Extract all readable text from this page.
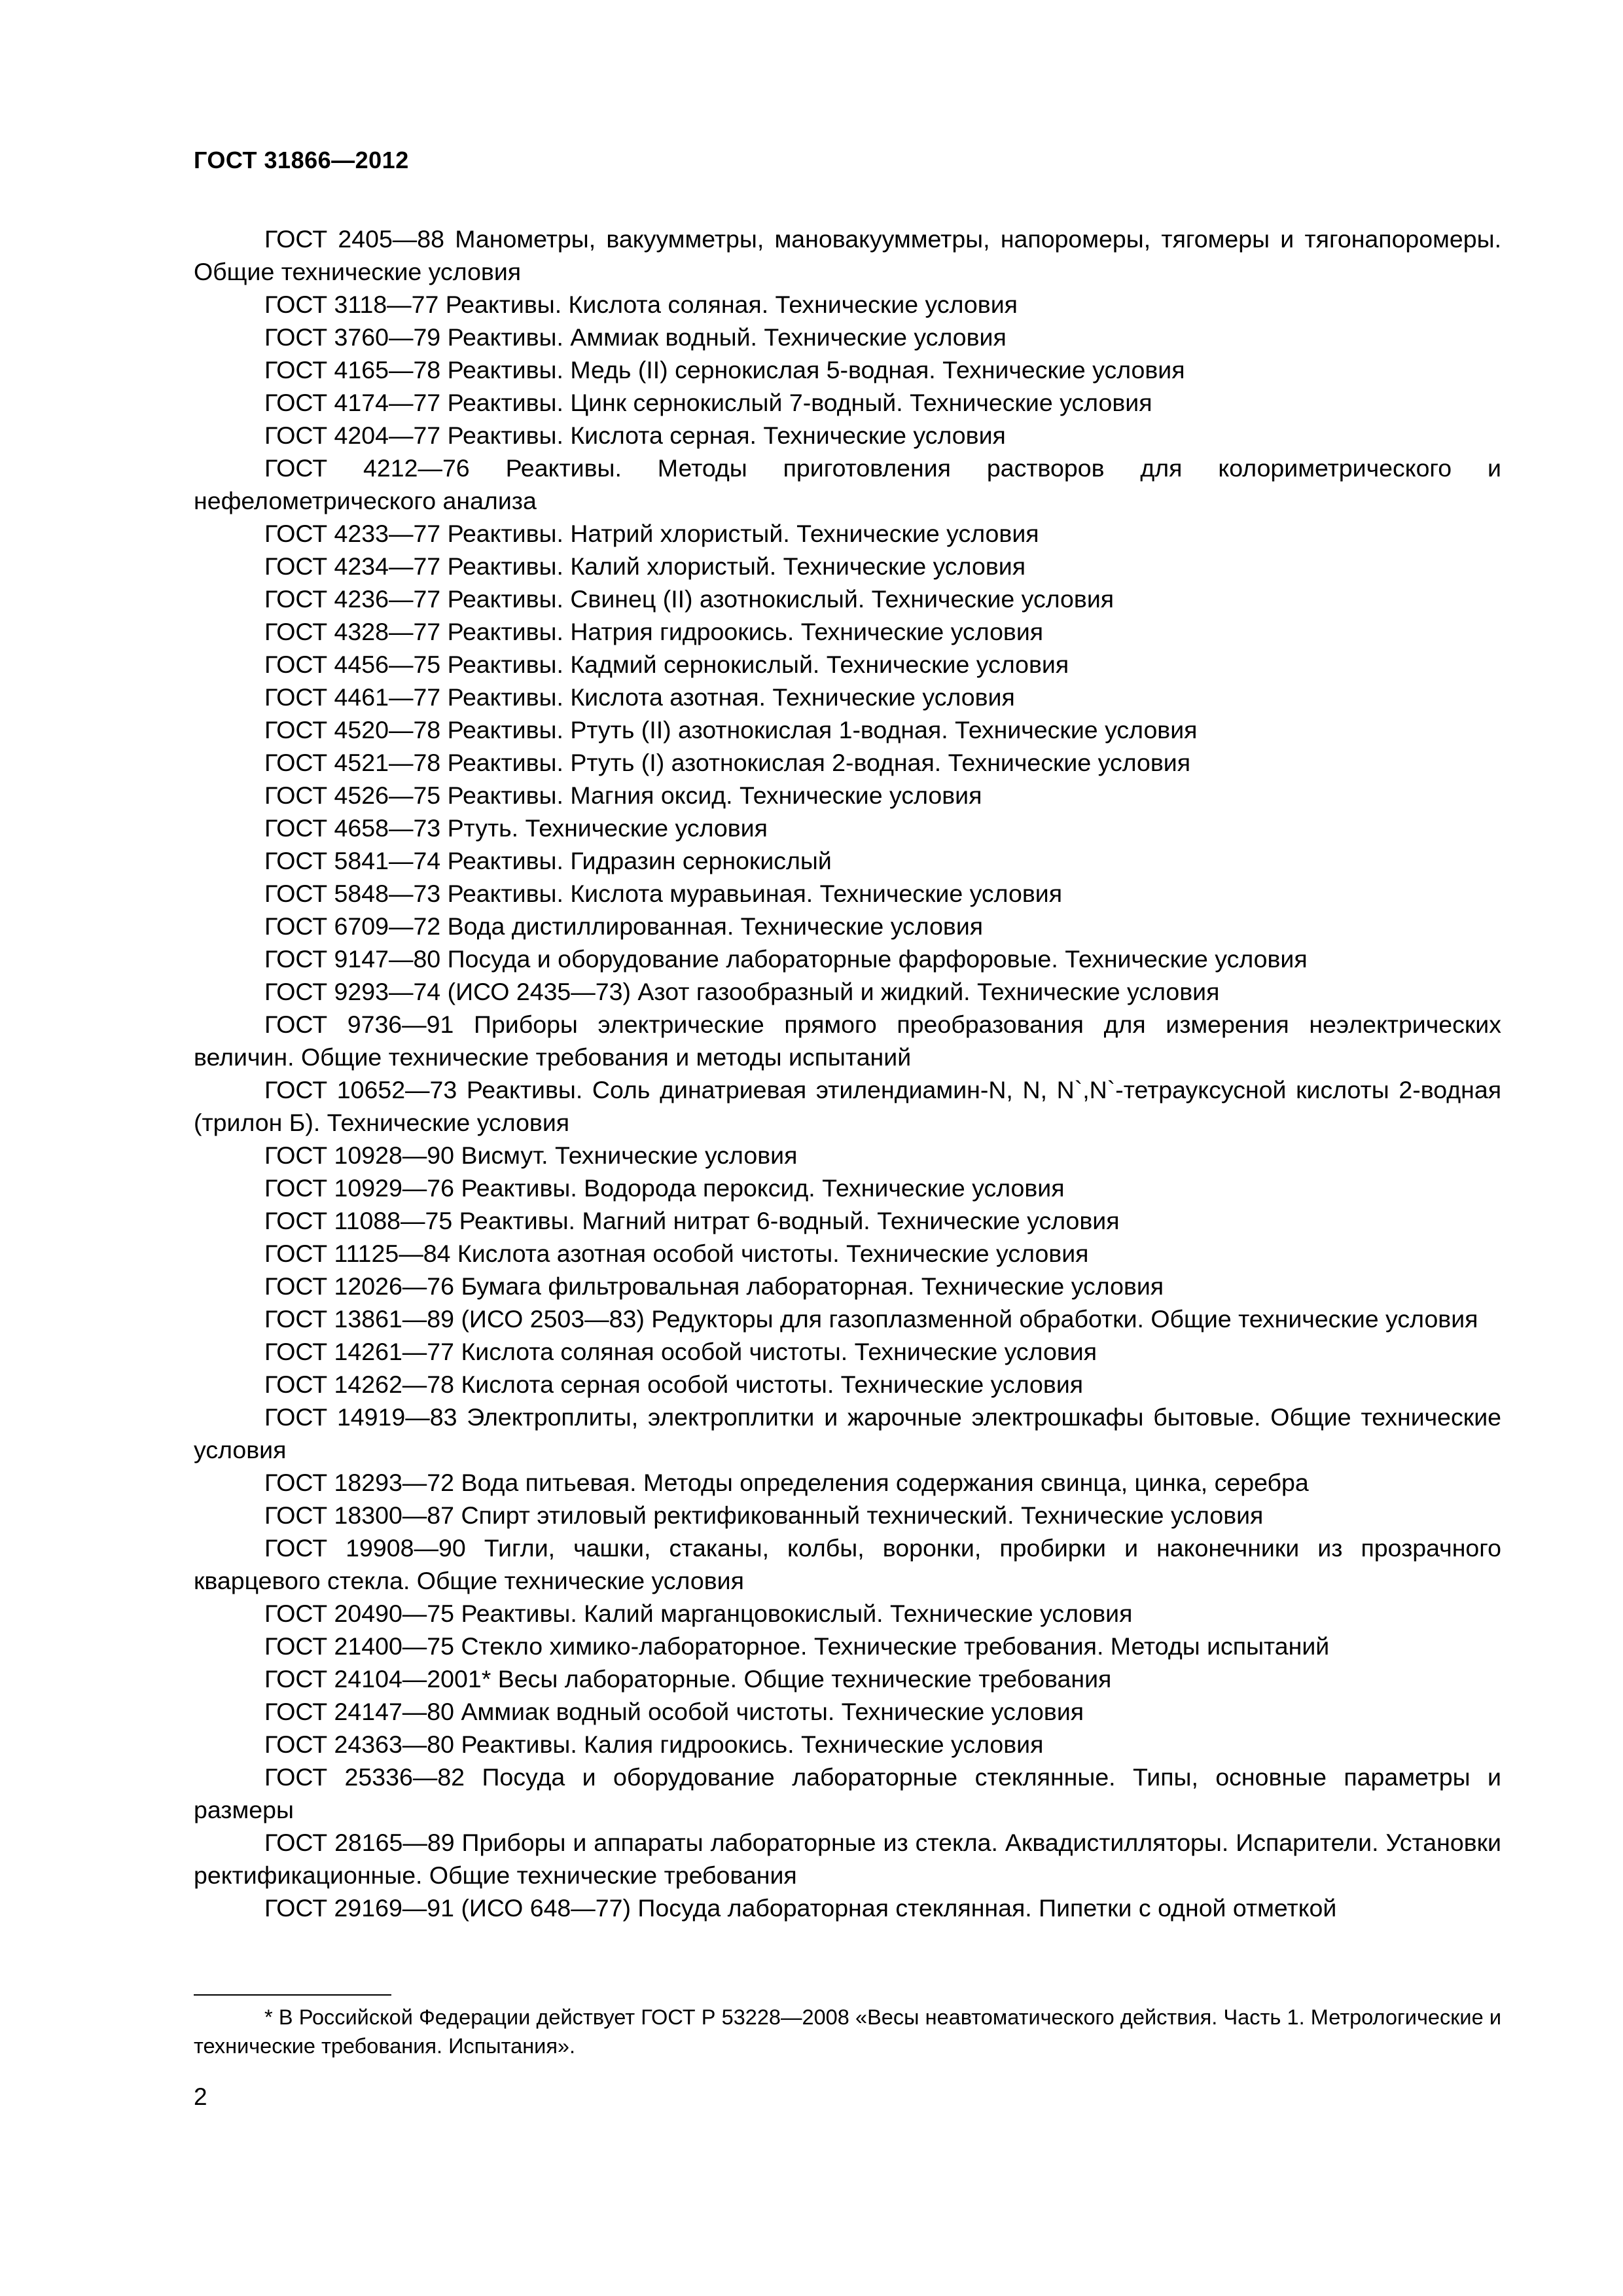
ГОСТ 31866—2012

ГОСТ 2405—88 Манометры, вакуумметры, мановакуумметры, напоромеры, тягомеры и тягонапоромеры. Общие технические условия

ГОСТ 3118—77 Реактивы. Кислота соляная. Технические условия

ГОСТ 3760—79 Реактивы. Аммиак водный. Технические условия

ГОСТ 4165—78 Реактивы. Медь (II) сернокислая 5-водная. Технические условия

ГОСТ 4174—77 Реактивы. Цинк сернокислый 7-водный. Технические условия

ГОСТ 4204—77 Реактивы. Кислота серная. Технические условия

ГОСТ 4212—76 Реактивы. Методы приготовления растворов для колориметрического и нефелометрического анализа

ГОСТ 4233—77 Реактивы. Натрий хлористый. Технические условия

ГОСТ 4234—77 Реактивы. Калий хлористый. Технические условия

ГОСТ 4236—77 Реактивы. Свинец (II) азотнокислый. Технические условия

ГОСТ 4328—77 Реактивы. Натрия гидроокись. Технические условия

ГОСТ 4456—75 Реактивы. Кадмий сернокислый. Технические условия

ГОСТ 4461—77 Реактивы. Кислота азотная. Технические условия

ГОСТ 4520—78 Реактивы. Ртуть (II) азотнокислая 1-водная. Технические условия

ГОСТ 4521—78 Реактивы. Ртуть (I) азотнокислая 2-водная. Технические условия

ГОСТ 4526—75 Реактивы. Магния оксид. Технические условия

ГОСТ 4658—73 Ртуть. Технические условия

ГОСТ 5841—74 Реактивы. Гидразин сернокислый

ГОСТ 5848—73 Реактивы. Кислота муравьиная. Технические условия

ГОСТ 6709—72 Вода дистиллированная. Технические условия

ГОСТ 9147—80 Посуда и оборудование лабораторные фарфоровые. Технические условия

ГОСТ 9293—74 (ИСО 2435—73) Азот газообразный и жидкий. Технические условия

ГОСТ 9736—91 Приборы электрические прямого преобразования для измерения неэлектрических величин. Общие технические требования и методы испытаний

ГОСТ 10652—73 Реактивы. Соль динатриевая этилендиамин-N, N, N`,N`-тетрауксусной кислоты 2-водная (трилон Б). Технические условия

ГОСТ 10928—90 Висмут. Технические условия

ГОСТ 10929—76 Реактивы. Водорода пероксид. Технические условия

ГОСТ 11088—75 Реактивы. Магний нитрат 6-водный. Технические условия

ГОСТ 11125—84 Кислота азотная особой чистоты. Технические условия

ГОСТ 12026—76 Бумага фильтровальная лабораторная. Технические условия

ГОСТ 13861—89 (ИСО 2503—83) Редукторы для газоплазменной обработки. Общие технические условия

ГОСТ 14261—77 Кислота соляная особой чистоты. Технические условия

ГОСТ 14262—78 Кислота серная особой чистоты. Технические условия

ГОСТ 14919—83 Электроплиты, электроплитки и жарочные электрошкафы бытовые. Общие технические условия

ГОСТ 18293—72 Вода питьевая. Методы определения содержания свинца, цинка, серебра

ГОСТ 18300—87 Спирт этиловый ректификованный технический. Технические условия

ГОСТ 19908—90 Тигли, чашки, стаканы, колбы, воронки, пробирки и наконечники из прозрачного кварцевого стекла. Общие технические условия

ГОСТ 20490—75 Реактивы. Калий марганцовокислый. Технические условия

ГОСТ 21400—75 Стекло химико-лабораторное. Технические требования. Методы испытаний

ГОСТ 24104—2001* Весы лабораторные. Общие технические требования

ГОСТ 24147—80 Аммиак водный особой чистоты. Технические условия

ГОСТ 24363—80 Реактивы. Калия гидроокись. Технические условия

ГОСТ 25336—82 Посуда и оборудование лабораторные стеклянные. Типы, основные параметры и размеры

ГОСТ 28165—89 Приборы и аппараты лабораторные из стекла. Аквадистилляторы. Испарители. Установки ректификационные. Общие технические требования

ГОСТ 29169—91 (ИСО 648—77) Посуда лабораторная стеклянная. Пипетки с одной отметкой

* В Российской Федерации действует ГОСТ Р 53228—2008 «Весы неавтоматического действия. Часть 1. Метрологические и технические требования. Испытания».

2
